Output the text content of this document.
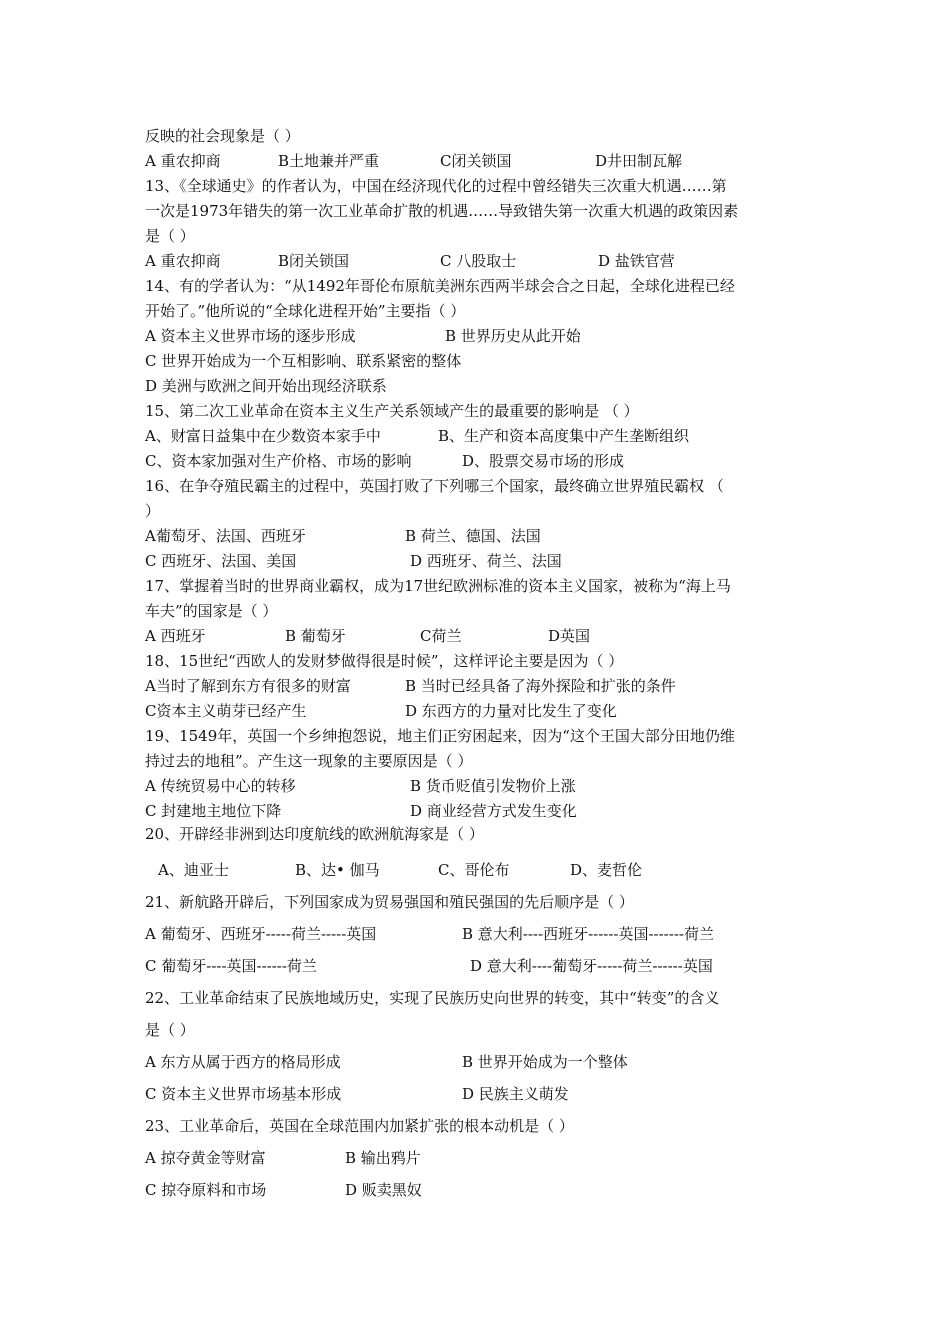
反映的社会现象是（ ）
A 重农抑商	B土地兼并严重	C闭关锁国	D井田制瓦解
13、《全球通史》的作者认为，中国在经济现代化的过程中曾经错失三次重大机遇……第
一次是1973年错失的第一次工业革命扩散的机遇……导致错失第一次重大机遇的政策因素
是（ ）
A 重农抑商	B闭关锁国	C 八股取士	D 盐铁官营
14、有的学者认为：“从1492年哥伦布原航美洲东西两半球会合之日起，全球化进程已经
开始了。”他所说的“全球化进程开始”主要指（ ）
A 资本主义世界市场的逐步形成	B 世界历史从此开始
C 世界开始成为一个互相影响、联系紧密的整体
D 美洲与欧洲之间开始出现经济联系
15、第二次工业革命在资本主义生产关系领域产生的最重要的影响是 （ ）
A、财富日益集中在少数资本家手中	B、生产和资本高度集中产生垄断组织
C、资本家加强对生产价格、市场的影响	D、股票交易市场的形成
16、在争夺殖民霸主的过程中，英国打败了下列哪三个国家，最终确立世界殖民霸权 （
）
A葡萄牙、法国、西班牙	B 荷兰、德国、法国
C 西班牙、法国、美国	D 西班牙、荷兰、法国
17、掌握着当时的世界商业霸权，成为17世纪欧洲标准的资本主义国家，被称为“海上马
车夫”的国家是（ ）
A 西班牙	B 葡萄牙	C荷兰	D英国
18、15世纪“西欧人的发财梦做得很是时候”，这样评论主要是因为（ ）
A当时了解到东方有很多的财富	B 当时已经具备了海外探险和扩张的条件
C资本主义萌芽已经产生	D 东西方的力量对比发生了变化
19、1549年，英国一个乡绅抱怨说，地主们正穷困起来，因为“这个王国大部分田地仍维
持过去的地租”。产生这一现象的主要原因是（ ）
A 传统贸易中心的转移	B 货币贬值引发物价上涨
C 封建地主地位下降	D 商业经营方式发生变化
20、开辟经非洲到达印度航线的欧洲航海家是（ ）
A、迪亚士	B、达• 伽马	C、哥伦布	D、麦哲伦
21、新航路开辟后，下列国家成为贸易强国和殖民强国的先后顺序是（ ）
A 葡萄牙、西班牙-----荷兰-----英国	B 意大利----西班牙------英国-------荷兰
C 葡萄牙----英国------荷兰	D 意大利----葡萄牙-----荷兰------英国
22、工业革命结束了民族地域历史，实现了民族历史向世界的转变，其中“转变”的含义
是（ ）
A 东方从属于西方的格局形成	B 世界开始成为一个整体
C 资本主义世界市场基本形成	D 民族主义萌发
23、工业革命后，英国在全球范围内加紧扩张的根本动机是（ ）
A 掠夺黄金等财富	B 输出鸦片
C 掠夺原料和市场	D 贩卖黑奴
